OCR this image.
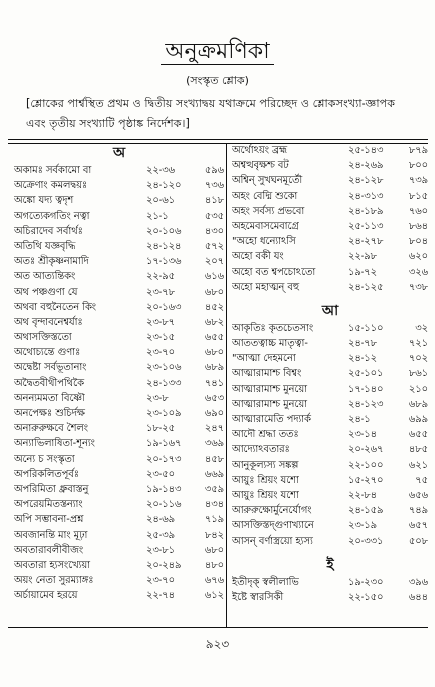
অনুক্রমণিকা
(সংস্কৃত শ্লোক)
[শ্লোকের পার্শ্বস্থিত প্রথম ও দ্বিতীয় সংখ্যাদ্বয় যথাক্রমে পরিচ্ছেদ ও শ্লোকসংখ্যা-জ্ঞাপক এবং তৃতীয় সংখ্যাটি পৃষ্ঠাঙ্ক নির্দেশক।]
অ
অকামঃ সর্বকামো বা	২২-৩৬	৫৯৬
অক্রেণাং কমলদ্বয়ঃ	২৪-১২০	৭৩৬
অঙ্কো যদ্য ত্বদৃশ	২০-৬১	৪১৮
অগত্যেকগতিং নত্বা	২১-১	৫৩৫
অচিরাদেব সর্বার্থঃ	২০-১০৬	৪৩০
অতিথি যজ্ঞবৃদ্ধি	২৪-১২৪	৫৭২
অতঃ শ্রীকৃষ্ণনামাদি	১৭-১৩৬	২০৭
অত আত্যন্তিকং	২২-৯৫	৬১৬
অথ পঞ্চগুণা যে	২৩-৭৮	৬৮০
অথবা বহুনৈতেন কিং	২০-১৬৩	৪৫২
অথ বৃন্দাবনেশ্বর্যাঃ	২৩-৮৭	৬৮২
অথাসক্তিস্ততো	২৩-১৫	৬৫৫
অথোচ্যন্তে গুণাঃ	২৩-৭০	৬৮০
অদ্বেষ্টা সর্বভূতানাং	২৩-১০৬	৬৮৯
অদ্বৈতবীথীপথিকৈ	২৪-১৩৩	৭৪১
অনন্যমমতা বিষ্ণৌ	২৩-৮	৬৫৩
অনপেক্ষঃ শুচির্দক্ষ	২৩-১০৯	৬৯০
অনারুরুক্ষবে শৈলং	১৮-২৫	২৪৭
অন্যাভিলাষিতা-শূন্যং	১৯-১৬৭	৩৬৯
অন্যে চ সংস্কৃতা	২০-১৭৩	৪৫৮
অপরিকলিতপূর্বঃ	২৩-৫০	৬৬৯
অপরিমিতা ধ্রুবাস্তনু	১৯-১৪৩	৩৫৯
অপরেয়মিতস্তন্যাং	২০-১১৬	৪৩৪
অপি সম্ভাবনা-প্রশ্ন	২৪-৬৯	৭১৯
অবজানন্তি মাং মূঢ়া	২৫-৩৯	৮৪২
অবতারাবলীবীজং	২৩-৮১	৬৮০
অবতারা হ্যসংখ্যেয়া	২০-২৪৯	৪৮০
অয়ং নেতা সুরম্যাঙ্গঃ	২৩-৭০	৬৭৬
অর্চায়ামেব হরয়ে	২২-৭৪	৬১২
অর্থোঽয়ং ব্রহ্ম	২৫-১৪৩	৮৭৯
অশ্বত্থবৃক্ষশ্চ বট	২৪-২৬৯	৮০০
অশ্বিন্ সুখঘনমূর্তৌ	২৪-১২৮	৭৩৯
অহং বেদ্মি শুকো	২৪-৩১৩	৮১৫
অহং সর্বস্য প্রভবো	২৪-১৮৯	৭৬০
অহমেবাসমেবাগ্রে	২৫-১১৩	৮৬৪
"অহো ধন্যোঽসি	২৪-২৭৮	৮০৪
অহো বকী যং	২২-৯৮	৬২০
অহো বত শ্বপচোঽতো	১৯-৭২	৩২৬
অহো মহাত্মন্ বহু	২৪-১২৫	৭৩৮
আ
আকৃতিঃ কৃতচেতসাং	১৫-১১০	৩২
আততত্বাচ্চ মাতৃত্বা-	২৪-৭৮	৭২১
"আত্মা দেহমনো	২৪-১২	৭০২
আত্মারামাশ্চ বিশ্বং	২৫-১০১	৮৬১
আত্মারামাশ্চ মুনয়ো	১৭-১৪০	২১০
আত্মারামাশ্চ মুনয়ো	২৪-১২৩	৬৮৯
আত্মারামেতি পদ্যার্ক	২৪-১	৬৯৯
আদৌ শ্রদ্ধা ততঃ	২৩-১৪	৬৫৫
আদ্যোঽবতারঃ	২০-২৬৭	৪৮৫
আনুকূল্যস্য সঙ্কল্প	২২-১০০	৬২১
আয়ুঃ শ্রিয়ং যশো	১৫-২৭০	৭৫
আয়ুঃ শ্রিয়ং যশো	২২-৮৪	৬৫৬
আরুরুক্ষোর্মুনের্যোগং	২৪-১৫৯	৭৪৯
আসক্তিস্তদ্গুণাখ্যানে	২৩-১৯	৬৫৭
আসন্ বর্ণাস্ত্রয়ো হ্যস্য	২০-৩৩১	৫০৮
ই
ইতীদৃক্ স্বলীলাভি	১৯-২৩০	৩৯৬
ইষ্টে স্বারসিকী	২২-১৫০	৬৪৪
৯২৩
